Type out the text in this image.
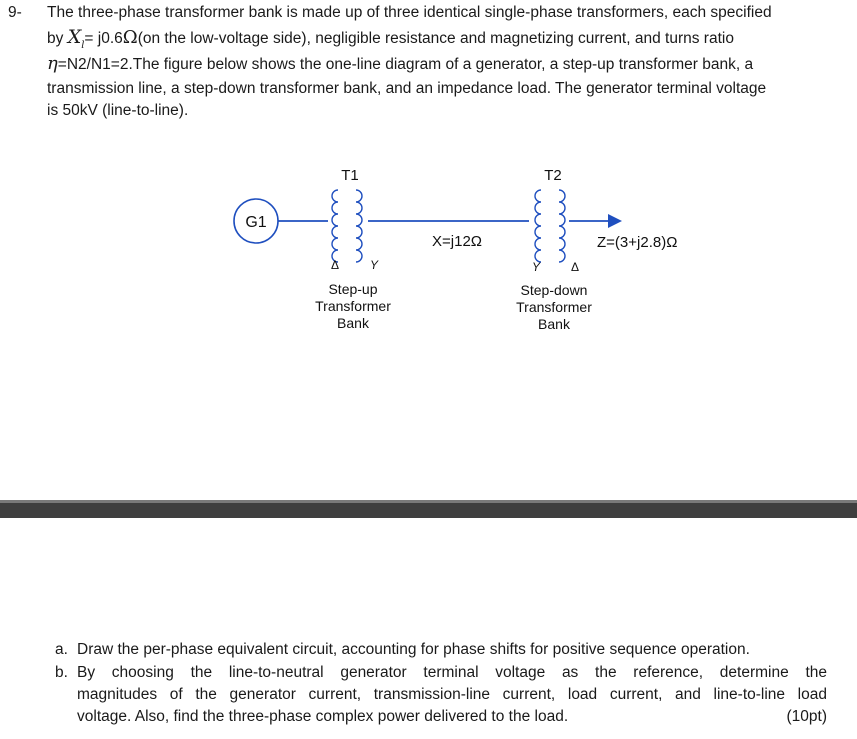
9- The three-phase transformer bank is made up of three identical single-phase transformers, each specified
by $X_l= j0.6\Omega(on$ the low-voltage side), negligible resistance and magnetizing current, and turns ratio
η=N2/N1=2.The figure below shows the one-line diagram of a generator, a step-up transformer bank, a
transmission line, a step-down transformer bank, and an impedance load. The generator terminal voltage
is 50kV (line-to-line).
G1
T1
Δ	Y
Step-up
Transformer
Bank
X=j12Ω
T2
Y	Δ
Step-down
Transformer
Bank
Z=(3+j2.8)Ω
a. Draw the per-phase equivalent circuit, accounting for phase shifts for positive sequence operation.
b. By choosing the line-to-neutral generator terminal voltage as the reference, determine the
magnitudes of the generator current, transmission-line current, load current, and line-to-line load
voltage. Also, find the three-phase complex power delivered to the load.	(10pt)
